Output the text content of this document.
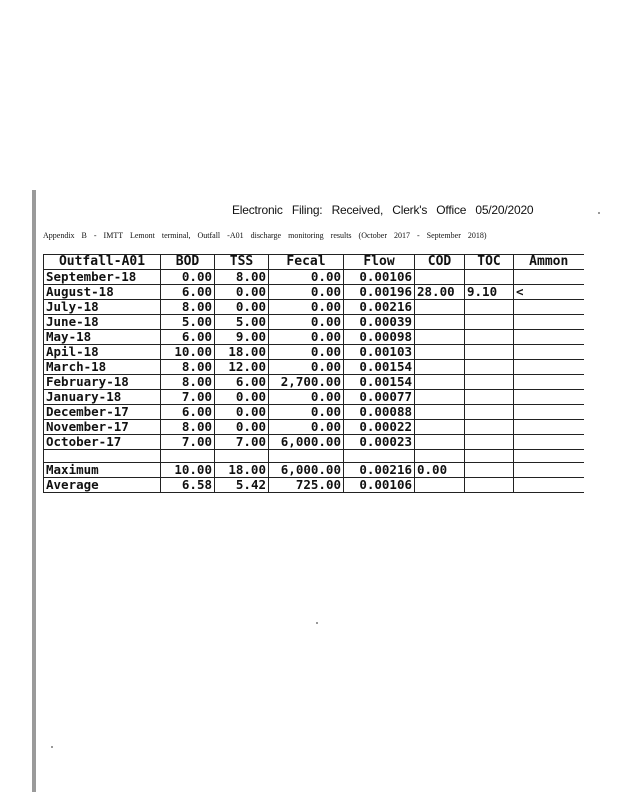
Electronic Filing: Received, Clerk's Office 05/20/2020
Appendix B - IMTT Lemont terminal, Outfall -A01 discharge monitoring results (October 2017 - September 2018)
Outfall-A01	BOD	TSS	Fecal	Flow	COD	TOC	Ammon
September-18	0.00	8.00	0.00	0.00106			
August-18	6.00	0.00	0.00	0.00196	28.00	9.10	<
July-18	8.00	0.00	0.00	0.00216			
June-18	5.00	5.00	0.00	0.00039			
May-18	6.00	9.00	0.00	0.00098			
Apil-18	10.00	18.00	0.00	0.00103			
March-18	8.00	12.00	0.00	0.00154			
February-18	8.00	6.00	2,700.00	0.00154			
January-18	7.00	0.00	0.00	0.00077			
December-17	6.00	0.00	0.00	0.00088			
November-17	8.00	0.00	0.00	0.00022			
October-17	7.00	7.00	6,000.00	0.00023			

Maximum	10.00	18.00	6,000.00	0.00216	0.00		
Average	6.58	5.42	725.00	0.00106			
